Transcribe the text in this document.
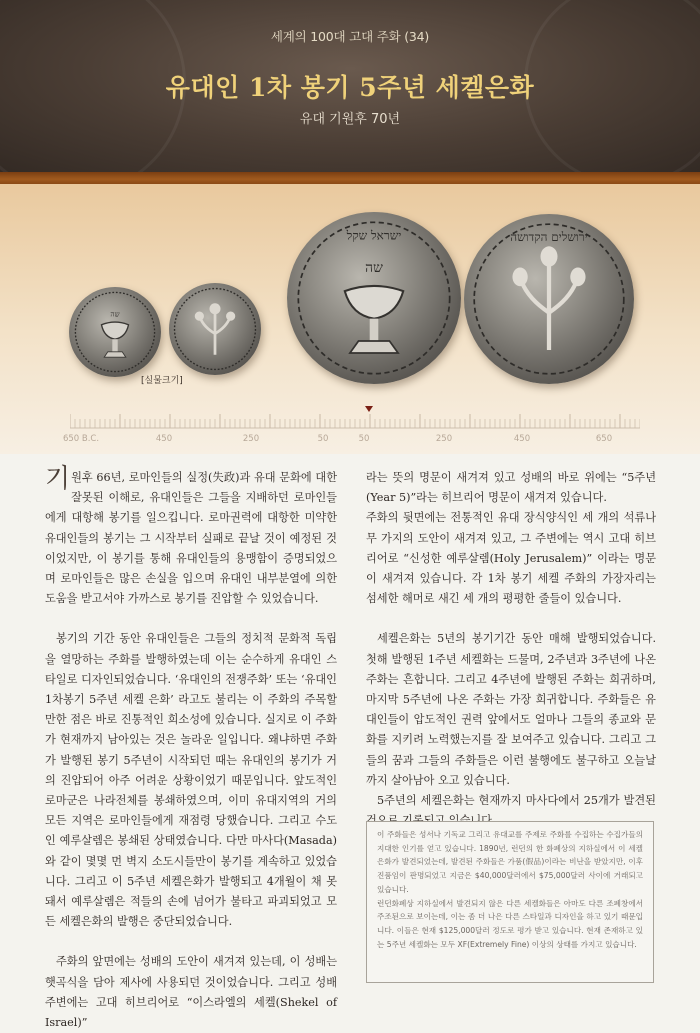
세계의 100대 고대 주화 (34)
유대인 1차 봉기 5주년 세켈은화
유대 기원후 70년
שה
שה
ישראל שקל	ירושלים הקדושה
[실물크기]
650 B.C.	450	250	50	50	250	450	650

기원후 66년, 로마인들의 실정(失政)과 유대 문화에 대한 잘못된 이해로, 유대인들은 그들을 지배하던 로마인들에게 대항해 봉기를 일으킵니다. 로마권력에 대항한 미약한 유대인들의 봉기는 그 시작부터 실패로 끝날 것이 예정된 것이었지만, 이 봉기를 통해 유대인들의 용맹함이 증명되었으며 로마인들은 많은 손실을 입으며 유대인 내부분열에 의한 도움을 받고서야 가까스로 봉기를 진압할 수 있었습니다.

봉기의 기간 동안 유대인들은 그들의 정치적 문화적 독립을 열망하는 주화를 발행하였는데 이는 순수하게 유대인 스타일로 디자인되었습니다. ‘유대인의 전쟁주화’ 또는 ‘유대인 1차봉기 5주년 세켈 은화’ 라고도 불리는 이 주화의 주목할만한 점은 바로 진통적인 희소성에 있습니다. 실지로 이 주화가 현재까지 남아있는 것은 놀라운 일입니다. 왜냐하면 주화가 발행된 봉기 5주년이 시작되던 때는 유대인의 봉기가 거의 진압되어 아주 어려운 상황이었기 때문입니다. 앞도적인 로마군은 나라전체를 봉쇄하였으며, 이미 유대지역의 거의 모든 지역은 로마인들에게 재점령 당했습니다. 그리고 수도인 예루살렘은 봉쇄된 상태였습니다. 다만 마사다(Masada)와 같이 몇몇 먼 벽지 소도시들만이 봉기를 계속하고 있었습니다. 그리고 이 5주년 세켈은화가 발행되고 4개월이 채 못돼서 예루살렘은 적들의 손에 넘어가 불타고 파괴되었고 모든 세켈은화의 발행은 중단되었습니다.

주화의 앞면에는 성배의 도안이 새겨져 있는데, 이 성배는 햇곡식을 담아 제사에 사용되던 것이었습니다. 그리고 성배 주변에는 고대 히브리어로 “이스라엘의 세켈(Shekel of Israel)”

라는 뜻의 명문이 새겨져 있고 성배의 바로 위에는 “5주년(Year 5)”라는 히브리어 명문이 새겨져 있습니다.

주화의 뒷면에는 전통적인 유대 장식양식인 세 개의 석류나무 가지의 도안이 새겨져 있고, 그 주변에는 역시 고대 히브리어로 “신성한 예루살렘(Holy Jerusalem)” 이라는 명문이 새겨져 있습니다. 각 1차 봉기 세켈 주화의 가장자리는 섬세한 해머로 새긴 세 개의 평평한 줄들이 있습니다.

세켈은화는 5년의 봉기기간 동안 매해 발행되었습니다. 첫해 발행된 1주년 세켈화는 드물며, 2주년과 3주년에 나온 주화는 흔합니다. 그리고 4주년에 발행된 주화는 희귀하며, 마지막 5주년에 나온 주화는 가장 희귀합니다. 주화들은 유대인들이 압도적인 권력 앞에서도 얼마나 그들의 종교와 문화를 지키려 노력했는지를 잘 보여주고 있습니다. 그리고 그들의 꿈과 그들의 주화들은 이런 불행에도 불구하고 오늘날까지 살아남아 오고 있습니다.

5주년의 세켈은화는 현재까지 마사다에서 25개가 발견된

이 주화들은 성서나 기독교 그리고 유대교를 주제로 주화를 수집하는 수집가들의 지대한 인기를 얻고 있습니다. 1890년, 런던의 한 화폐상의 지하실에서 이 세켈은화가 발견되었는데, 발견된 주화들은 가품(假品)이라는 비난을 받았지만, 이후 진품임이 판명되었고 지금은 $40,000달러에서 $75,000달러 사이에 거래되고 있습니다.

런던화폐상 지하실에서 발견되지 않은 다른 세켈화들은 아마도 다른 조폐창에서 주조된으로 보이는데, 이는 좀 더 나은 다른 스타일과 디자인을 하고 있기 때문입니다. 이들은 현재 $125,000달러 정도로 평가 받고 있습니다. 현재 존재하고 있는 5주년 세켈화는 모두 XF(Extremely Fine) 이상의 상태를 가지고 있습니다.
